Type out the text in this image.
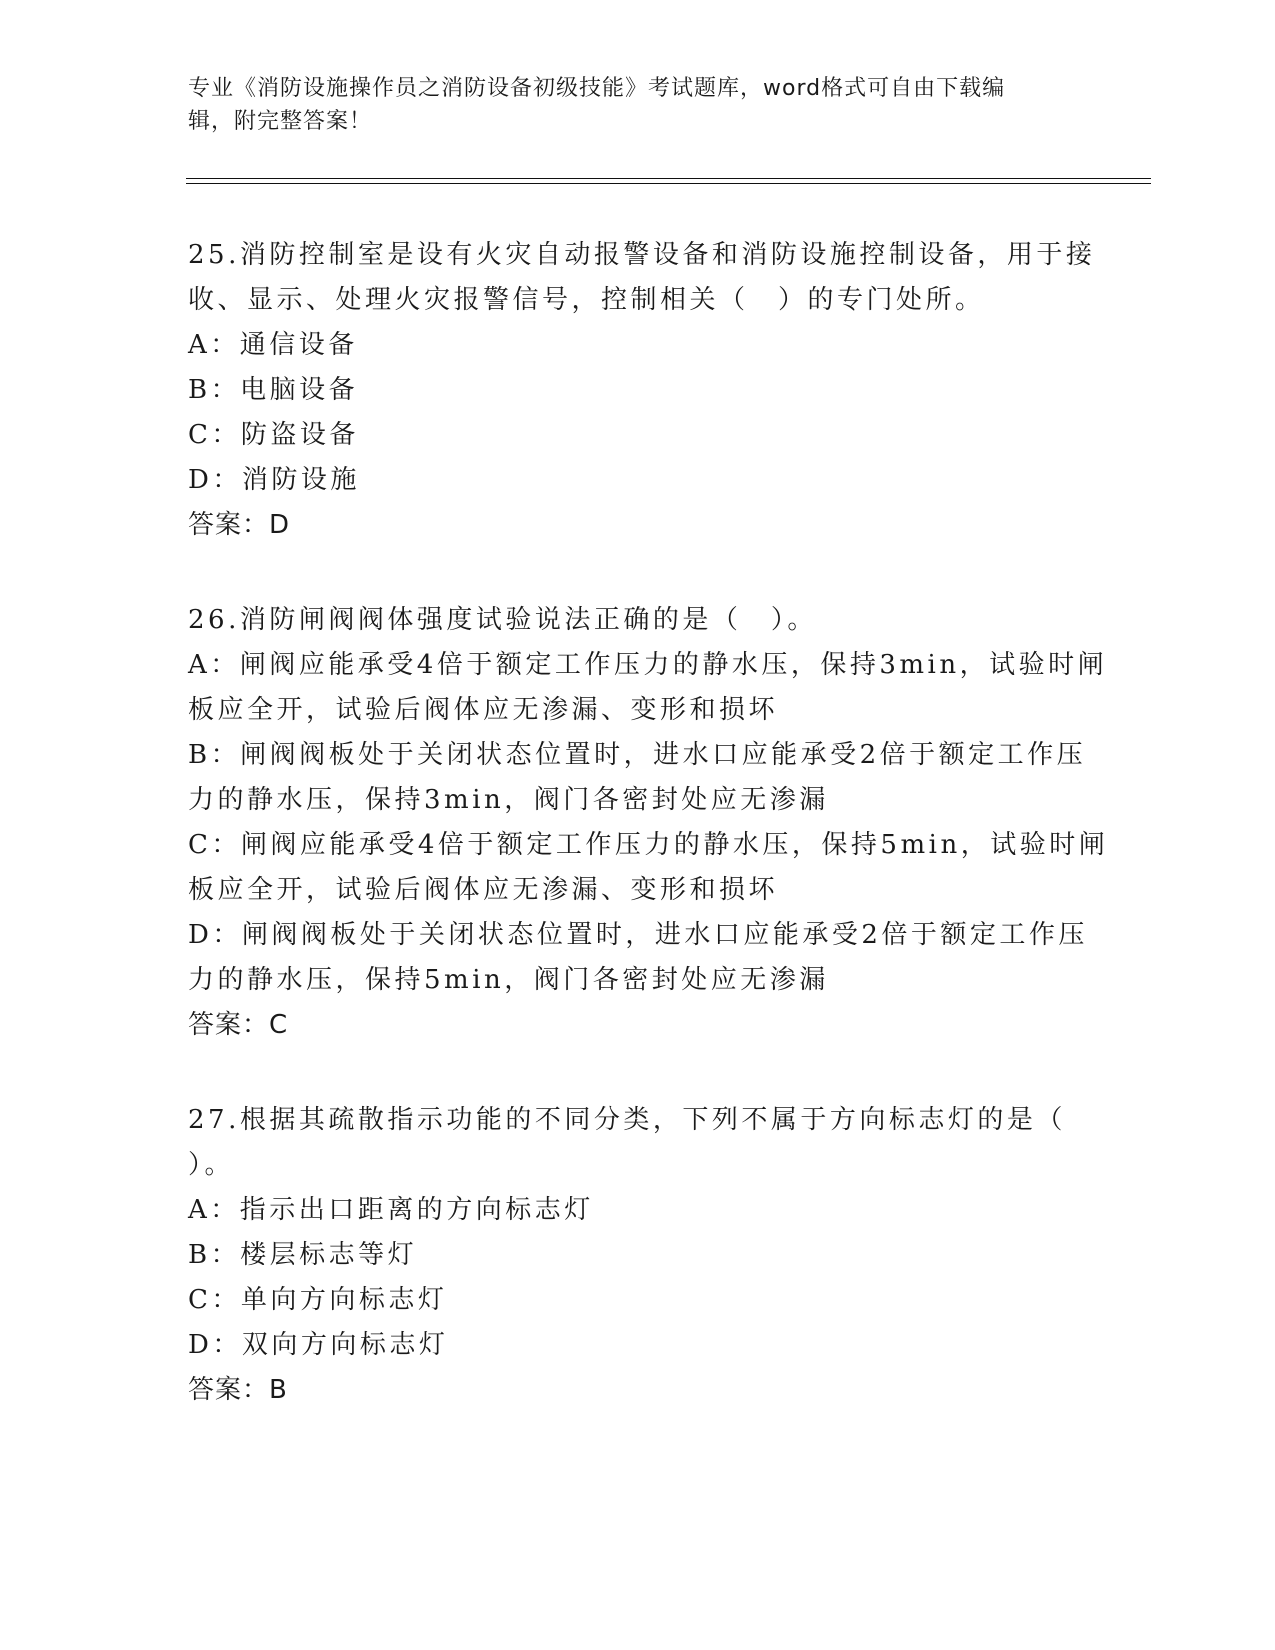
专业《消防设施操作员之消防设备初级技能》考试题库，word格式可自由下载编
辑，附完整答案！
25.消防控制室是设有火灾自动报警设备和消防设施控制设备，用于接
收、显示、处理火灾报警信号，控制相关（　）的专门处所。
A：通信设备
B：电脑设备
C：防盗设备
D：消防设施
答案：D
26.消防闸阀阀体强度试验说法正确的是（　）。
A：闸阀应能承受4倍于额定工作压力的静水压，保持3min，试验时闸
板应全开，试验后阀体应无渗漏、变形和损坏
B：闸阀阀板处于关闭状态位置时，进水口应能承受2倍于额定工作压
力的静水压，保持3min，阀门各密封处应无渗漏
C：闸阀应能承受4倍于额定工作压力的静水压，保持5min，试验时闸
板应全开，试验后阀体应无渗漏、变形和损坏
D：闸阀阀板处于关闭状态位置时，进水口应能承受2倍于额定工作压
力的静水压，保持5min，阀门各密封处应无渗漏
答案：C
27.根据其疏散指示功能的不同分类，下列不属于方向标志灯的是（
）。
A：指示出口距离的方向标志灯
B：楼层标志等灯
C：单向方向标志灯
D：双向方向标志灯
答案：B
